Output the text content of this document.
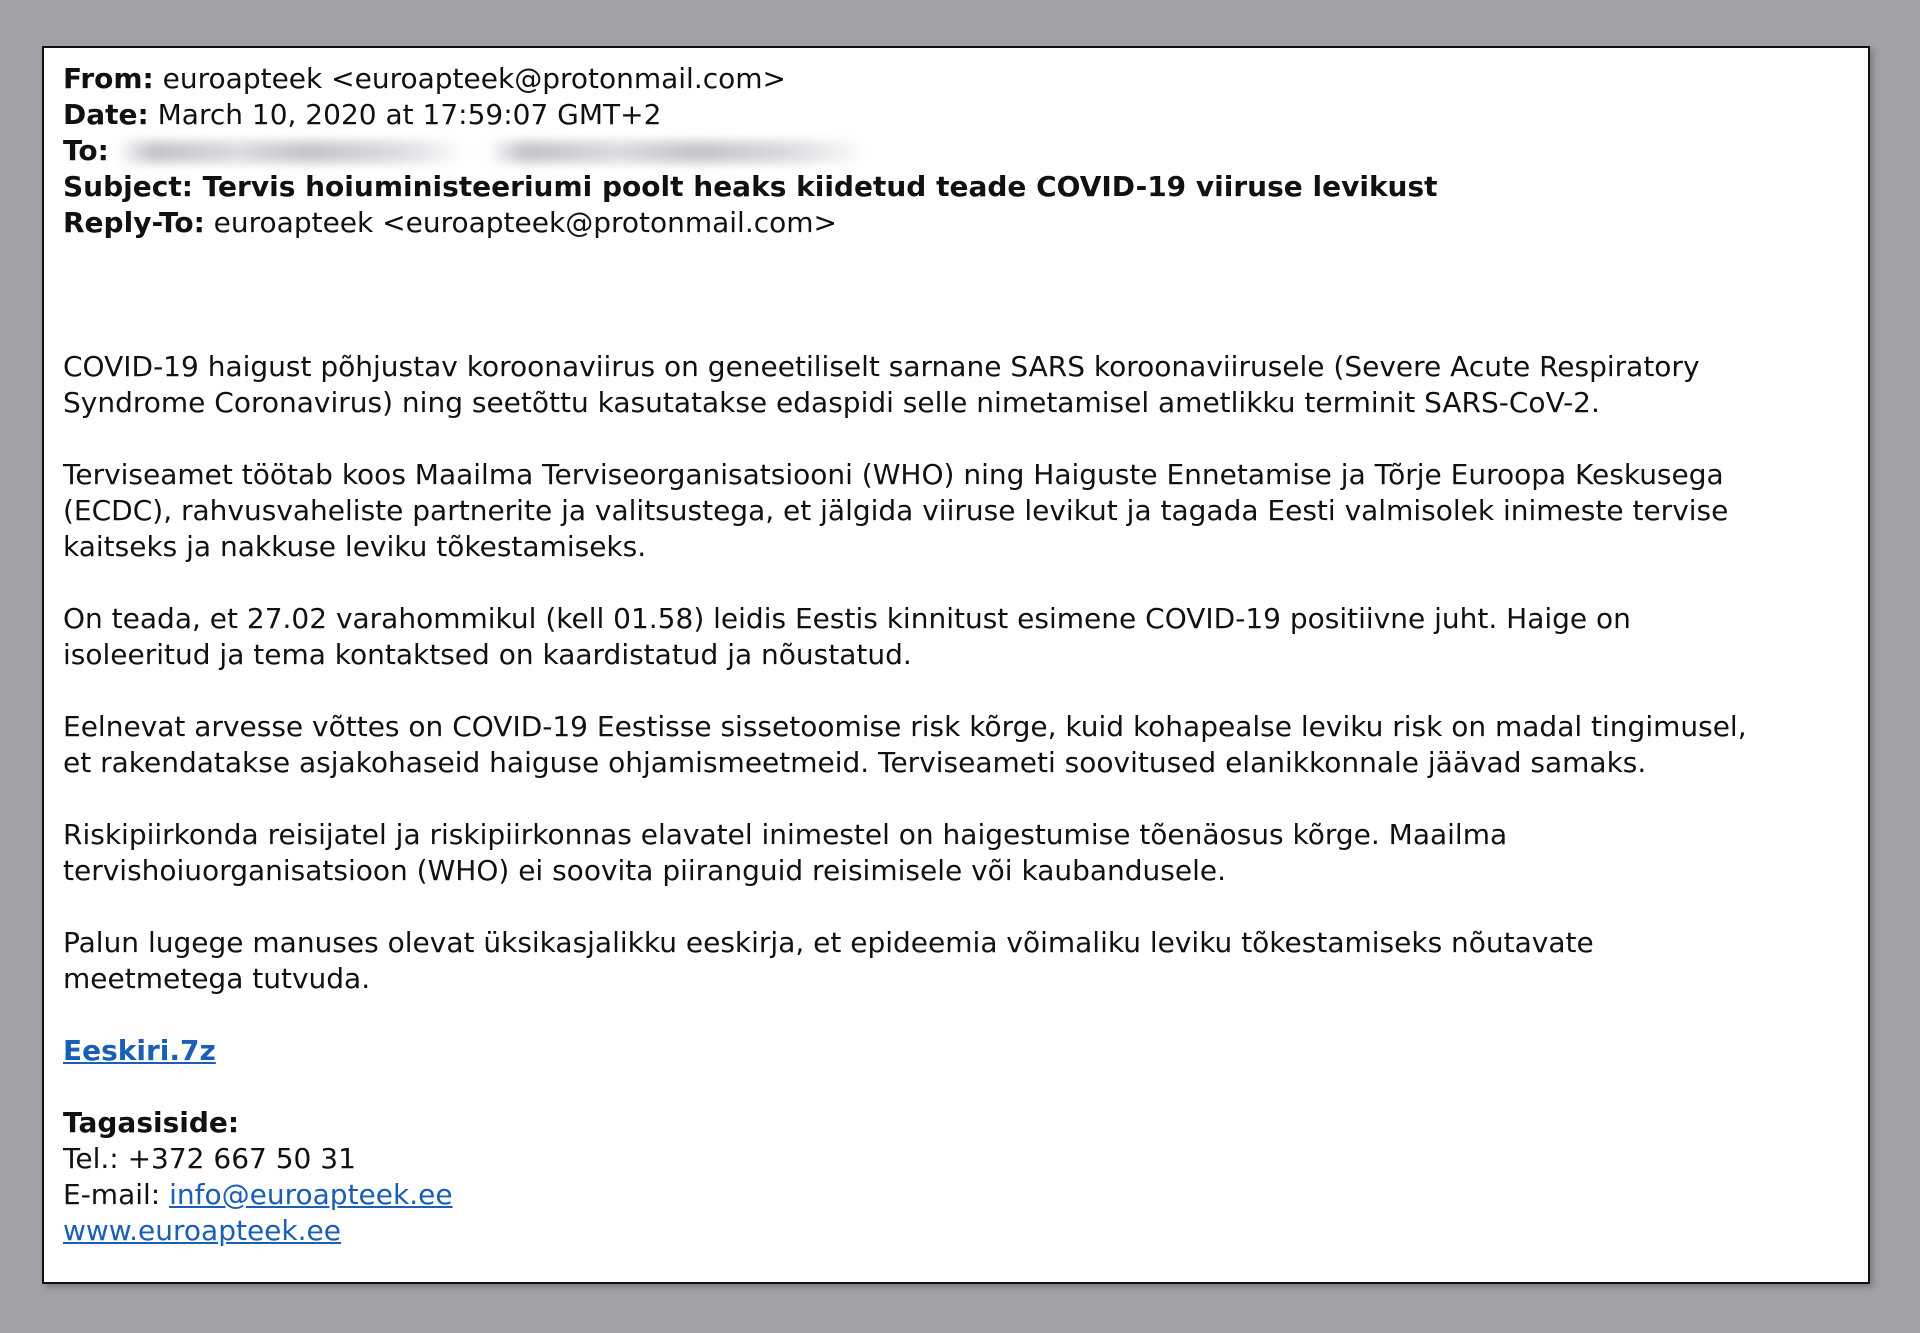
From: euroapteek <euroapteek@protonmail.com>
Date: March 10, 2020 at 17:59:07 GMT+2
To:
Subject: Tervis hoiuministeeriumi poolt heaks kiidetud teade COVID-19 viiruse levikust
Reply-To: euroapteek <euroapteek@protonmail.com>
COVID-19 haigust põhjustav koroonaviirus on geneetiliselt sarnane SARS koroonaviirusele (Severe Acute Respiratory
Syndrome Coronavirus) ning seetõttu kasutatakse edaspidi selle nimetamisel ametlikku terminit SARS-CoV-2.
Terviseamet töötab koos Maailma Terviseorganisatsiooni (WHO) ning Haiguste Ennetamise ja Tõrje Euroopa Keskusega
(ECDC), rahvusvaheliste partnerite ja valitsustega, et jälgida viiruse levikut ja tagada Eesti valmisolek inimeste tervise
kaitseks ja nakkuse leviku tõkestamiseks.
On teada, et 27.02 varahommikul (kell 01.58) leidis Eestis kinnitust esimene COVID-19 positiivne juht. Haige on
isoleeritud ja tema kontaktsed on kaardistatud ja nõustatud.
Eelnevat arvesse võttes on COVID-19 Eestisse sissetoomise risk kõrge, kuid kohapealse leviku risk on madal tingimusel,
et rakendatakse asjakohaseid haiguse ohjamismeetmeid. Terviseameti soovitused elanikkonnale jäävad samaks.
Riskipiirkonda reisijatel ja riskipiirkonnas elavatel inimestel on haigestumise tõenäosus kõrge. Maailma
tervishoiuorganisatsioon (WHO) ei soovita piiranguid reisimisele või kaubandusele.
Palun lugege manuses olevat üksikasjalikku eeskirja, et epideemia võimaliku leviku tõkestamiseks nõutavate
meetmetega tutvuda.
Eeskiri.7z
Tagasiside:
Tel.: +372 667 50 31
E-mail: info@euroapteek.ee
www.euroapteek.ee
